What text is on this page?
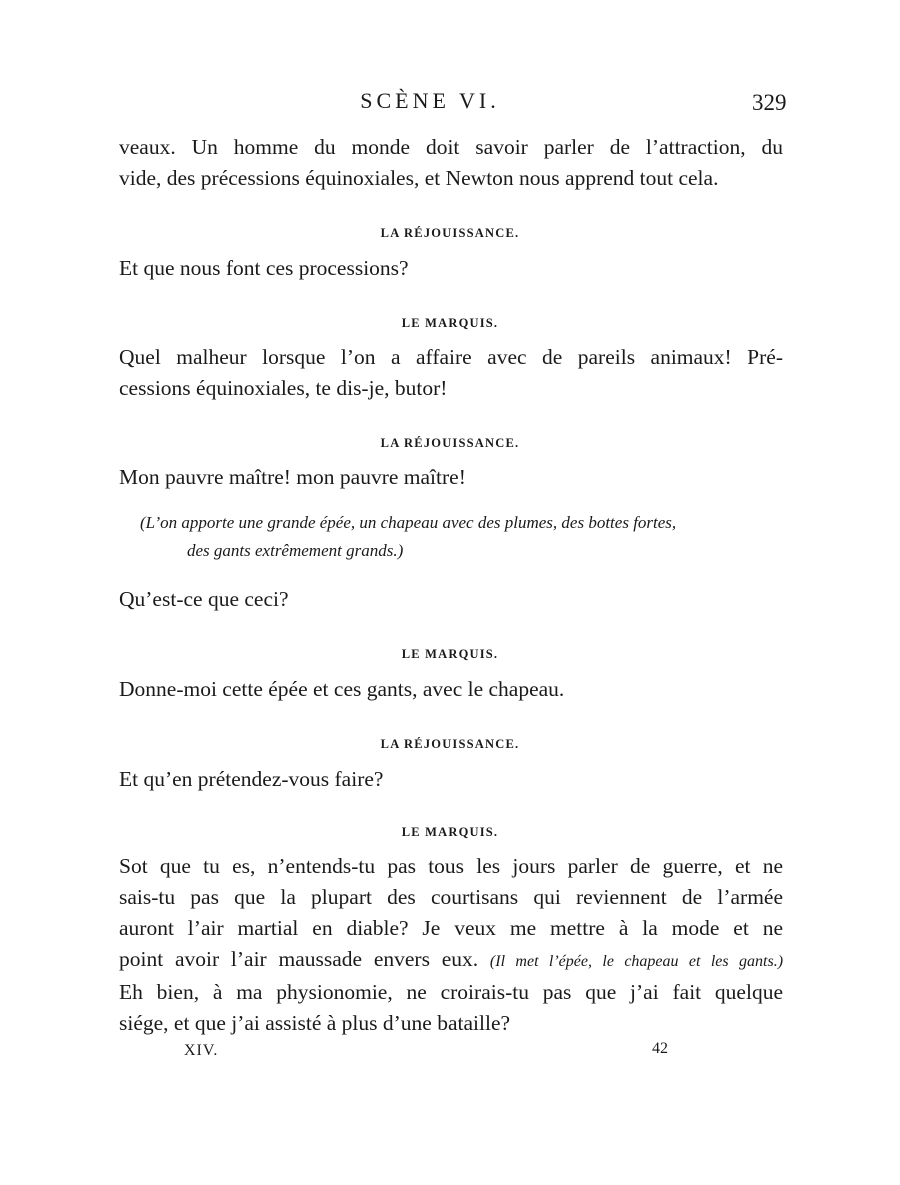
SCÈNE VI.	329
veaux. Un homme du monde doit savoir parler de l’attraction, du
vide, des précessions équinoxiales, et Newton nous apprend tout cela.
LA RÉJOUISSANCE.
Et que nous font ces processions?
LE MARQUIS.
Quel malheur lorsque l’on a affaire avec de pareils animaux! Pré-
cessions équinoxiales, te dis-je, butor!
LA RÉJOUISSANCE.
Mon pauvre maître! mon pauvre maître!
(L’on apporte une grande épée, un chapeau avec des plumes, des bottes fortes,
des gants extrêmement grands.)
Qu’est-ce que ceci?
LE MARQUIS.
Donne-moi cette épée et ces gants, avec le chapeau.
LA RÉJOUISSANCE.
Et qu’en prétendez-vous faire?
LE MARQUIS.
Sot que tu es, n’entends-tu pas tous les jours parler de guerre, et ne
sais-tu pas que la plupart des courtisans qui reviennent de l’armée
auront l’air martial en diable? Je veux me mettre à la mode et ne
point avoir l’air maussade envers eux. (Il met l’épée, le chapeau et les gants.)
Eh bien, à ma physionomie, ne croirais-tu pas que j’ai fait quelque
siége, et que j’ai assisté à plus d’une bataille?
XIV.	42
